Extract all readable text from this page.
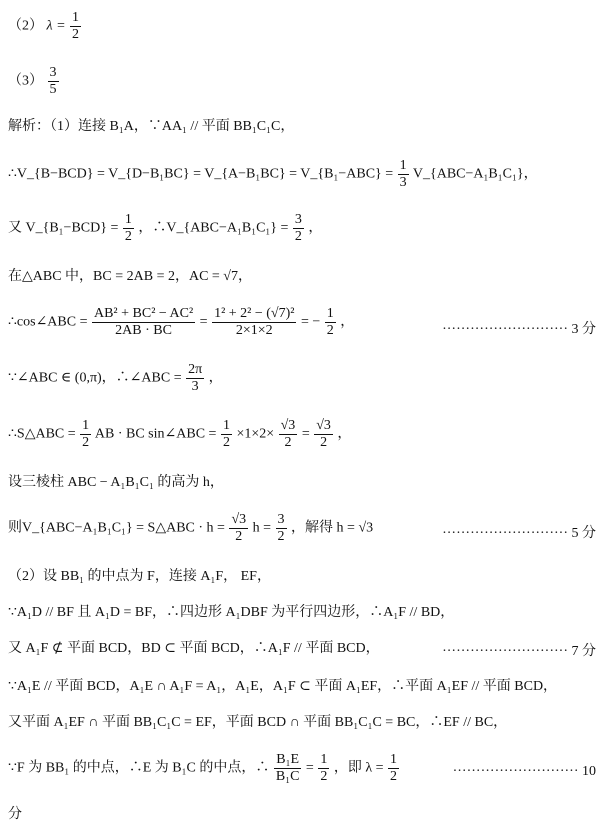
（2） $\lambda = \frac{1}{2}$
$(3) \frac{3}{5}$
解析：（1）连接 B₁A，∵AA₁ // 平面 BB₁C₁C，
∴V_{B−BCD} = V_{D−B₁BC} = V_{A−B₁BC} = V_{B₁−ABC} = $\frac{1}{3}$ V_{ABC−A₁B₁C₁}，
又 V_{B₁−BCD} = $\frac{1}{2}$ ，∴V_{ABC−A₁B₁C₁} = $\frac{3}{2}$ ，
在△ABC 中，BC = 2AB = 2，AC = √7，
∴cos∠ABC = $\frac{\text{AB² + BC² − AC²}}{2AB \cdot BC} = \frac{\text{1² + 2² − (√7)²}}{2\times 1\times 2}$ = − $\frac{1}{2}$ ，	··························· 3 分
∵∠ABC ∈ (0,π)，∴∠ABC = $\frac{2\pi}{3}$ ，
∴S△ABC = $\frac{1}{2}$ AB · BC sin∠ABC = $\frac{1}{2} \times 1\times 2\times \frac{√3}{2} = \frac{√3}{2}$ ，
设三棱柱 ABC − A₁B₁C₁ 的高为 h，
则V_{ABC−A₁B₁C₁} = S△ABC · $h = \frac{√3}{2}$ $h = \frac{3}{2}$ ，解得 h = √3	··························· 5 分
（2）设 BB₁ 的中点为 F，连接 A₁F， EF，
∵A₁D // BF 且 A₁D = BF，∴四边形 A₁DBF 为平行四边形，∴A₁F // BD，
又 A₁F ⊄ 平面 BCD，BD ⊂ 平面 BCD，∴A₁F // 平面 BCD，	··························· 7 分
∵A₁E // 平面 BCD，A₁E ∩ A₁F = A₁，A₁E，A₁F ⊂ 平面 A₁EF，∴平面 A₁EF // 平面 BCD，
又平面 A₁EF ∩ 平面 BB₁C₁C = EF，平面 BCD ∩ 平面 BB₁C₁C = BC，∴EF // BC，
∵F 为 BB₁ 的中点，∴E 为 B₁C 的中点，∴ $\frac{\text{B₁E}}{\text{B₁C}} = \frac{1}{2}$ ，即 $\lambda = \frac{1}{2}$	··························· 10
分
